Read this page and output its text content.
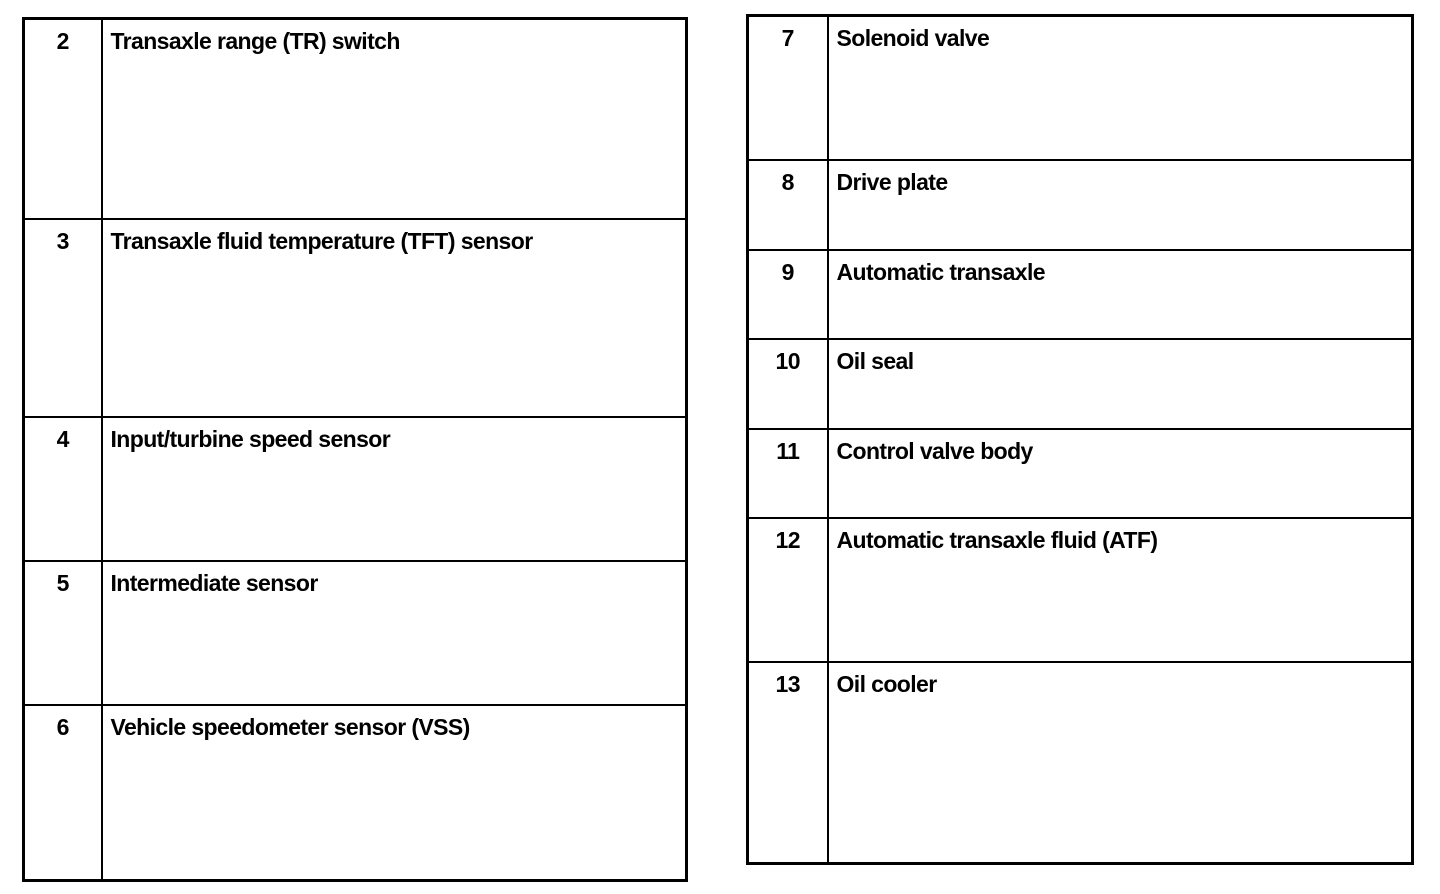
2	Transaxle range (TR) switch
3	Transaxle fluid temperature (TFT) sensor
4	Input/turbine speed sensor
5	Intermediate sensor
6	Vehicle speedometer sensor (VSS)
7	Solenoid valve
8	Drive plate
9	Automatic transaxle
10	Oil seal
11	Control valve body
12	Automatic transaxle fluid (ATF)
13	Oil cooler
